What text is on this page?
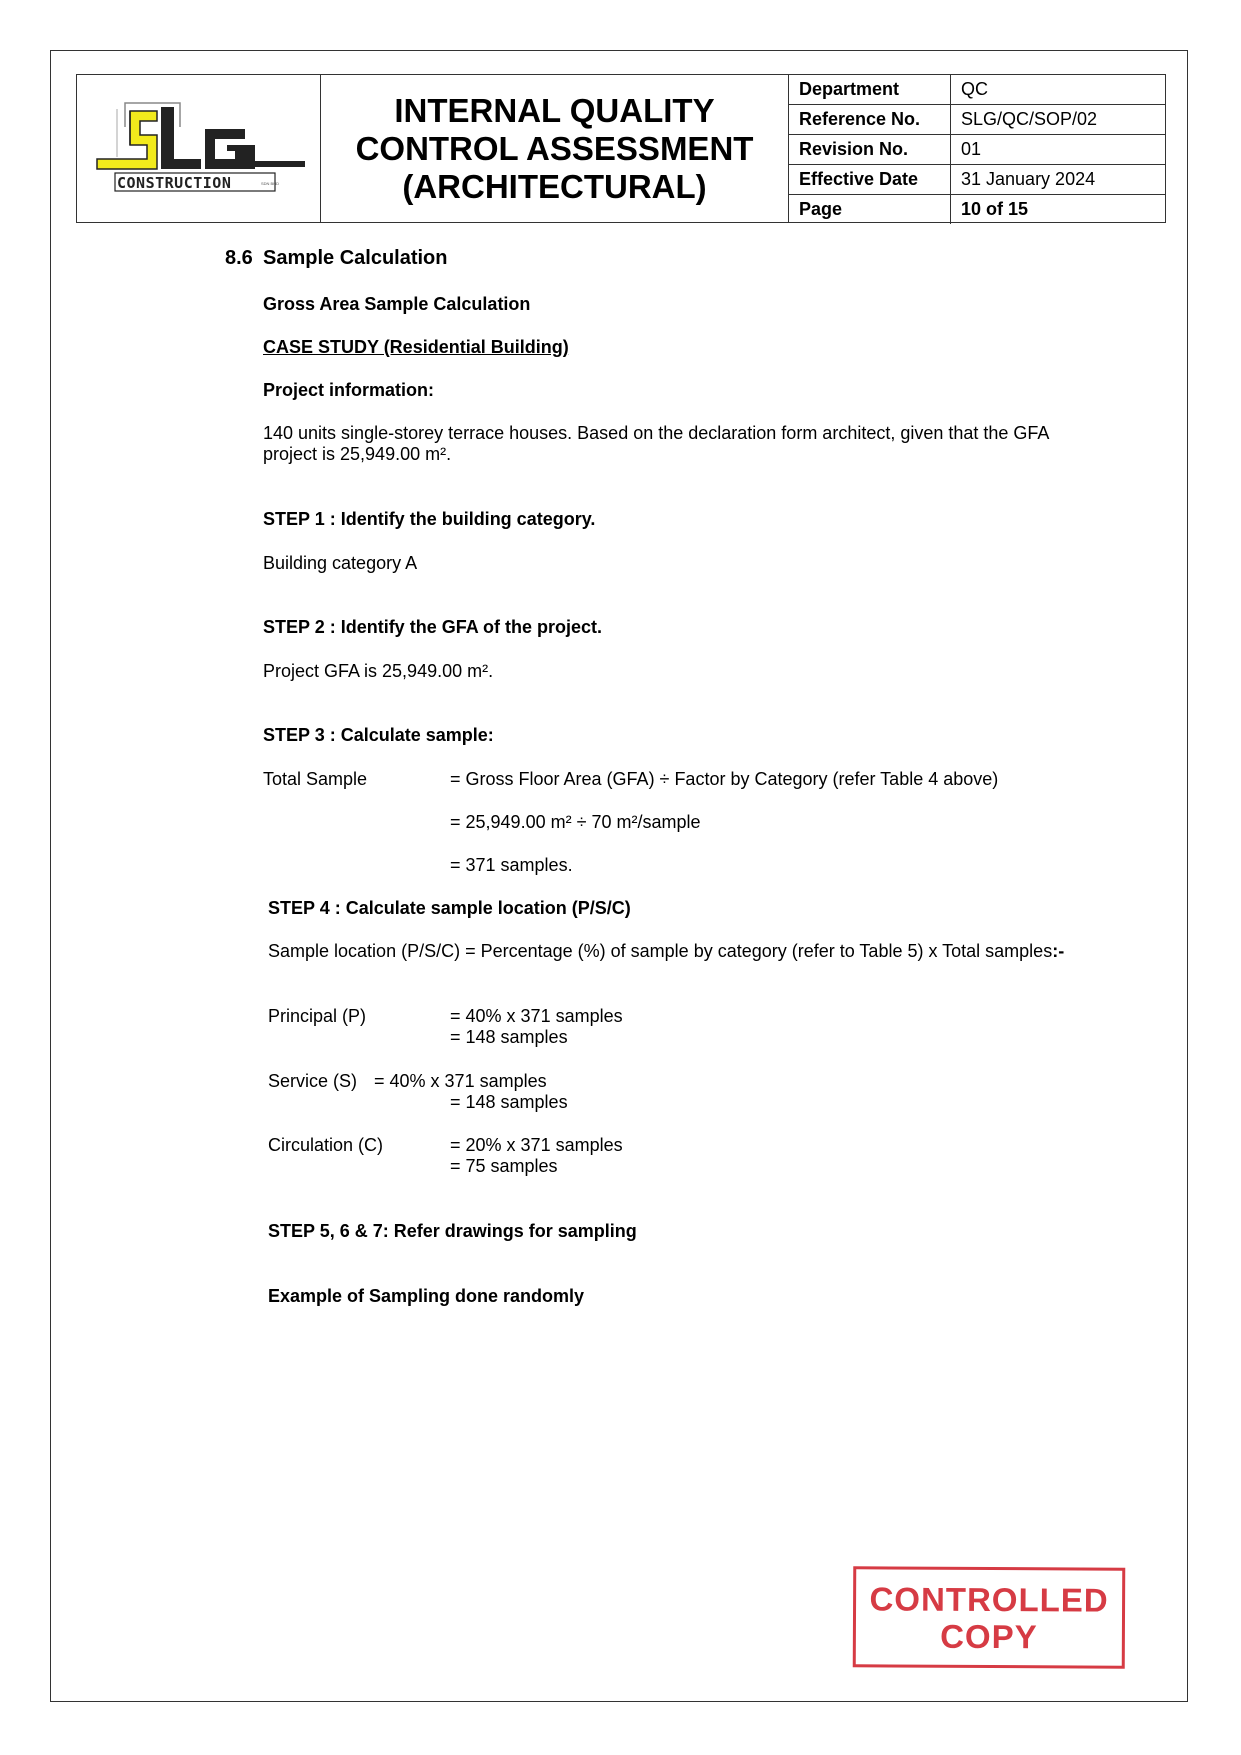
CONSTRUCTION	SDN BHD
INTERNAL QUALITY
CONTROL ASSESSMENT
(ARCHITECTURAL)
Department	QC
Reference No.	SLG/QC/SOP/02
Revision No.	01
Effective Date	31 January 2024
Page	10 of 15
8.6 Sample Calculation
Gross Area Sample Calculation
CASE STUDY (Residential Building)
Project information:
140 units single-storey terrace houses. Based on the declaration form architect, given that the GFA project is 25,949.00 m².
STEP 1 : Identify the building category.
Building category A
STEP 2 : Identify the GFA of the project.
Project GFA is 25,949.00 m².
STEP 3 : Calculate sample:
Total Sample	= Gross Floor Area (GFA) ÷ Factor by Category (refer Table 4 above)
= 25,949.00 m² ÷ 70 m²/sample
= 371 samples.
STEP 4 : Calculate sample location (P/S/C)
Sample location (P/S/C) = Percentage (%) of sample by category (refer to Table 5) x Total samples:-
Principal (P)	= 40% x 371 samples
= 148 samples
Service (S) = 40% x 371 samples
= 148 samples
Circulation (C)	= 20% x 371 samples
= 75 samples
STEP 5, 6 & 7: Refer drawings for sampling
Example of Sampling done randomly
CONTROLLED
COPY
